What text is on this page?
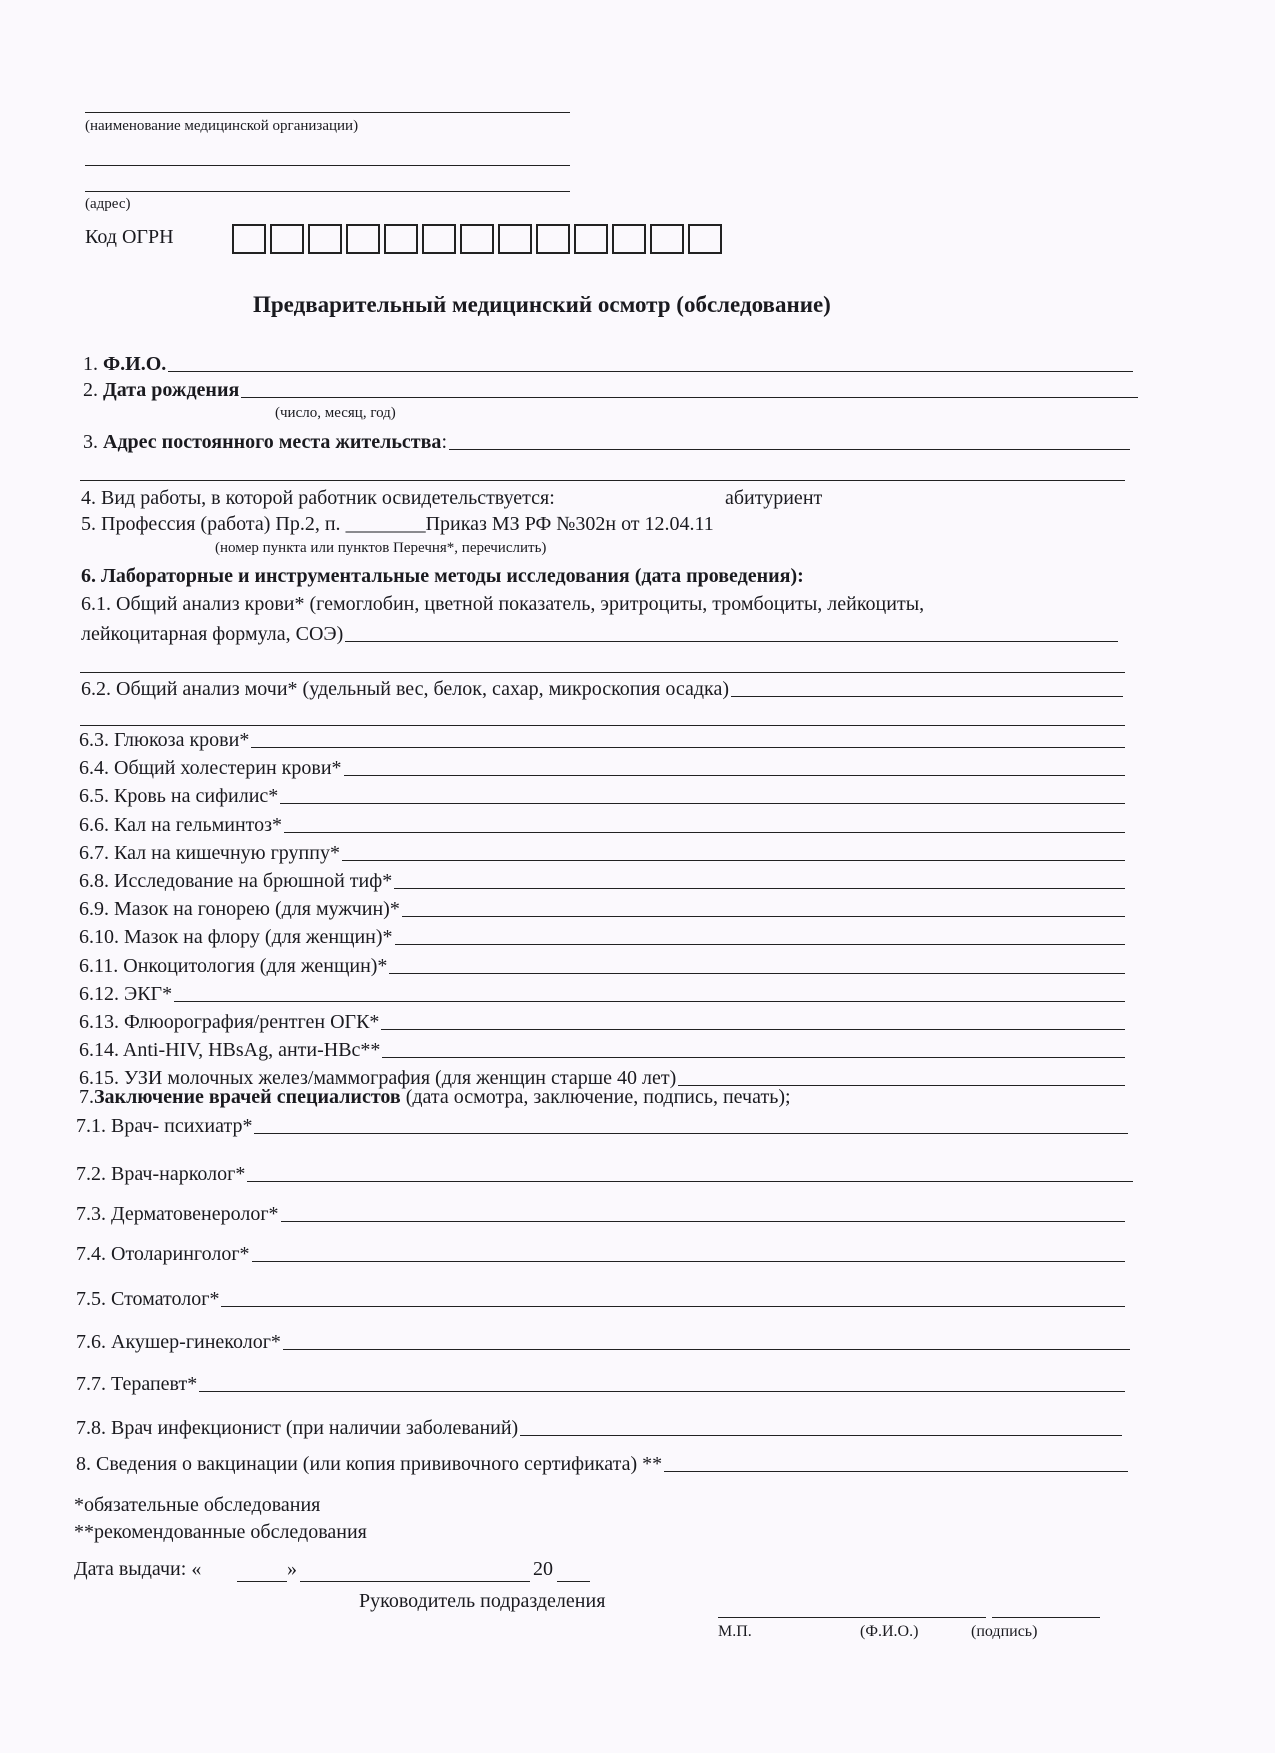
(наименование медицинской организации)
(адрес)
Код ОГРН
Предварительный медицинский осмотр (обследование)
1. Ф.И.О.
2. Дата рождения
(число, месяц, год)
3. Адрес постоянного места жительства:
4. Вид работы, в которой работник освидетельствуется:	абитуриент
5. Профессия (работа) Пр.2, п. ________Приказ МЗ РФ №302н от 12.04.11
(номер пункта или пунктов Перечня*, перечислить)
6. Лабораторные и инструментальные методы исследования (дата проведения):
6.1. Общий анализ крови* (гемоглобин, цветной показатель, эритроциты, тромбоциты, лейкоциты,
лейкоцитарная формула, СОЭ)
6.2. Общий анализ мочи* (удельный вес, белок, сахар, микроскопия осадка)
6.3. Глюкоза крови*
6.4. Общий холестерин крови*
6.5. Кровь на сифилис*
6.6. Кал на гельминтоз*
6.7. Кал на кишечную группу*
6.8. Исследование на брюшной тиф*
6.9. Мазок на гонорею (для мужчин)*
6.10. Мазок на флору (для женщин)*
6.11. Онкоцитология (для женщин)*
6.12. ЭКГ*
6.13. Флюорография/рентген ОГК*
6.14. Anti-HIV, HBsAg, анти-HBc**
6.15. УЗИ молочных желез/маммография (для женщин старше 40 лет)
7.Заключение врачей специалистов (дата осмотра, заключение, подпись, печать);
7.1. Врач- психиатр*
7.2. Врач-нарколог*
7.3. Дерматовенеролог*
7.4. Отоларинголог*
7.5. Стоматолог*
7.6. Акушер-гинеколог*
7.7. Терапевт*
7.8. Врач инфекционист (при наличии заболеваний)
8. Сведения о вакцинации (или копия прививочного сертификата) **
*обязательные обследования
**рекомендованные обследования
Дата выдачи: «	»	20
Руководитель подразделения
М.П.	(Ф.И.О.)	(подпись)
